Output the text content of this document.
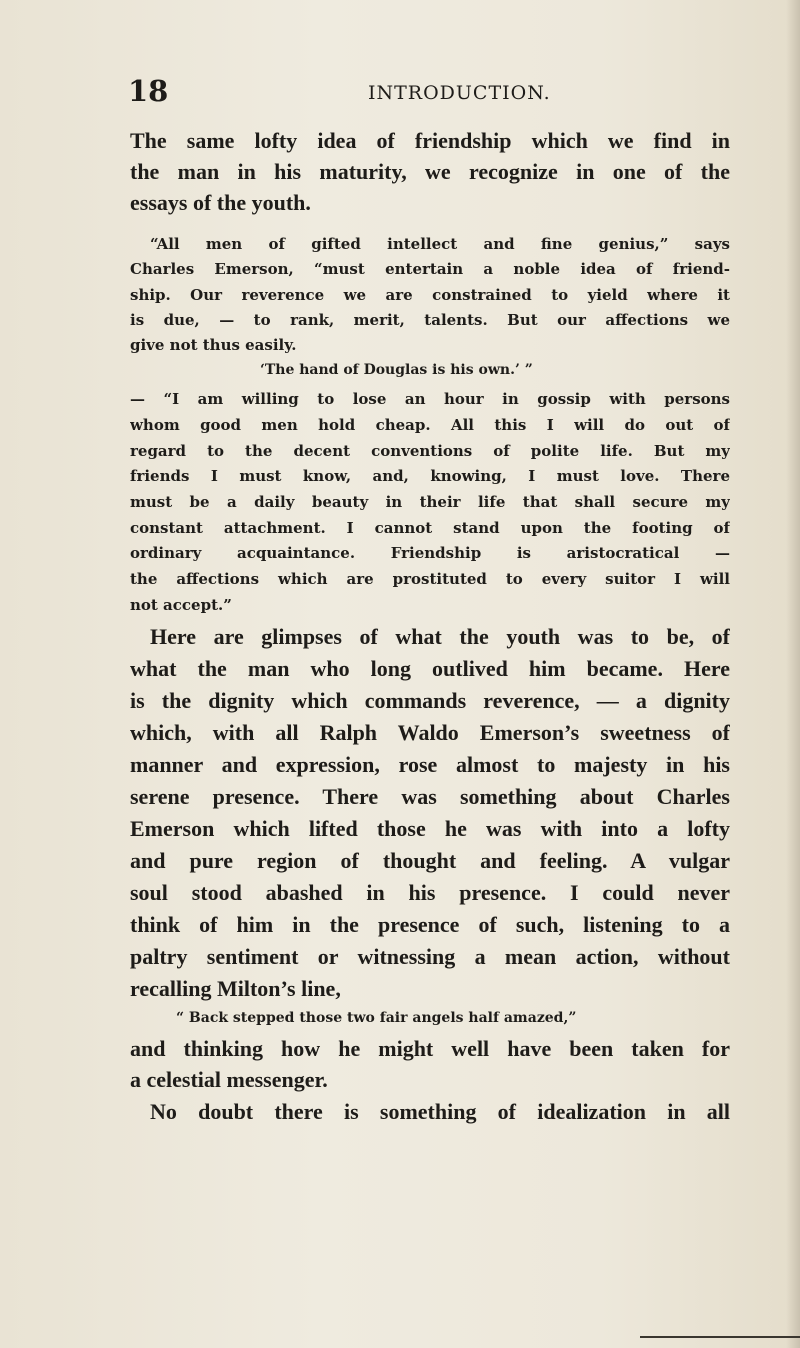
18	INTRODUCTION.

The same lofty idea of friendship which we find in

the man in his maturity, we recognize in one of the

essays of the youth.

“All men of gifted intellect and fine genius,” says

Charles Emerson, “must entertain a noble idea of friend-

ship. Our reverence we are constrained to yield where it

is due, — to rank, merit, talents. But our affections we

give not thus easily.

‘The hand of Douglas is his own.’ ”

— “I am willing to lose an hour in gossip with persons

whom good men hold cheap. All this I will do out of

regard to the decent conventions of polite life. But my

friends I must know, and, knowing, I must love. There

must be a daily beauty in their life that shall secure my

constant attachment. I cannot stand upon the footing of

ordinary acquaintance. Friendship is aristocratical —

the affections which are prostituted to every suitor I will

not accept.”

Here are glimpses of what the youth was to be, of

what the man who long outlived him became. Here

is the dignity which commands reverence, — a dignity

which, with all Ralph Waldo Emerson’s sweetness of

manner and expression, rose almost to majesty in his

serene presence. There was something about Charles

Emerson which lifted those he was with into a lofty

and pure region of thought and feeling. A vulgar

soul stood abashed in his presence. I could never

think of him in the presence of such, listening to a

paltry sentiment or witnessing a mean action, without

recalling Milton’s line,

“ Back stepped those two fair angels half amazed,”

and thinking how he might well have been taken for

a celestial messenger.

No doubt there is something of idealization in all
